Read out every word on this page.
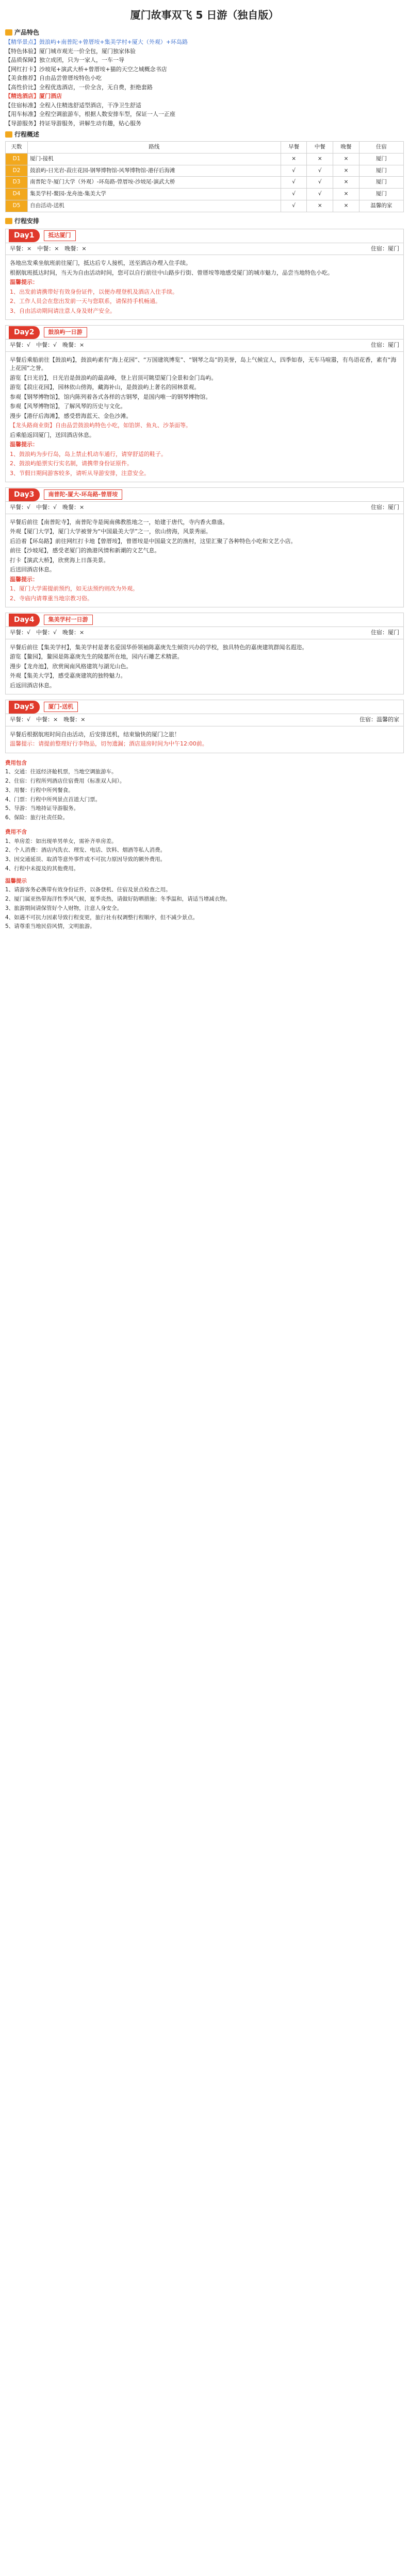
厦门故事双飞 5 日游（独自版）
产品特色

【精华景点】鼓浪屿+南普陀+曾厝垵+集美学村+厦大（外观）+环岛路

【特色体验】厦门城市观光一价全包，厦门独家体验

【品质保障】独立成团，只为一家人，一车一导

【网红打卡】沙坡尾+演武大桥+曾厝垵+猫的天空之城概念书店

【美食推荐】自由品尝曾厝垵特色小吃

【高性价比】全程优选酒店，一价全含，无自费，拒绝套路

【精选酒店】厦门酒店

【住宿标准】全程入住精选舒适型酒店，干净卫生舒适

【用车标准】全程空调旅游车，根据人数安排车型，保证一人一正座

【导游服务】持证导游服务，讲解生动有趣，贴心服务

行程概述
天数	路线	早餐	中餐	晚餐	住宿
D1	厦门-接机	×	×	×	厦门
D2	鼓浪屿-日光岩-菽庄花园-钢琴博物馆-风琴博物馆-港仔后海滩	√	√	×	厦门
D3	南普陀寺-厦门大学（外观）-环岛路-曾厝垵-沙坡尾-演武大桥	√	√	×	厦门
D4	集美学村-鳌园-龙舟池-集美大学	√	√	×	厦门
D5	自由活动-送机	√	×	×	温馨的家
行程安排
Day1	抵达厦门
早餐：×　中餐：×　晚餐：×	住宿：厦门

各地出发乘坐航班前往厦门，抵达后专人接机，送至酒店办理入住手续。

根据航班抵达时间，当天为自由活动时间，您可以自行前往中山路步行街、曾厝垵等地感受厦门的城市魅力，品尝当地特色小吃。

温馨提示：

1、出发前请携带好有效身份证件，以便办理登机及酒店入住手续。

2、工作人员会在您出发前一天与您联系，请保持手机畅通。

3、自由活动期间请注意人身及财产安全。

Day2	鼓浪屿一日游
早餐：√　中餐：√　晚餐：×	住宿：厦门

早餐后乘船前往【鼓浪屿】，鼓浪屿素有“海上花园”、“万国建筑博览”、“钢琴之岛”的美誉，岛上气候宜人，四季如春，无车马喧嚣，有鸟语花香，素有“海上花园”之誉。

游览【日光岩】，日光岩是鼓浪屿的最高峰，登上岩顶可眺望厦门全景和金门岛屿。

游览【菽庄花园】，园林依山傍海，藏海补山，是鼓浪屿上著名的园林景观。

参观【钢琴博物馆】，馆内陈列着各式各样的古钢琴，是国内唯一的钢琴博物馆。

参观【风琴博物馆】，了解风琴的历史与文化。

漫步【港仔后海滩】，感受碧海蓝天、金色沙滩。

【龙头路商业街】自由品尝鼓浪屿特色小吃，如馅饼、鱼丸、沙茶面等。

后乘船返回厦门，送回酒店休息。

温馨提示：

1、鼓浪屿为步行岛，岛上禁止机动车通行，请穿舒适的鞋子。

2、鼓浪屿船票实行实名制，请携带身份证原件。

3、节假日期间游客较多，请听从导游安排，注意安全。

Day3	南普陀-厦大-环岛路-曾厝垵
早餐：√　中餐：√　晚餐：×	住宿：厦门

早餐后前往【南普陀寺】，南普陀寺是闽南佛教胜地之一，始建于唐代，寺内香火鼎盛。

外观【厦门大学】，厦门大学被誉为“中国最美大学”之一，依山傍海，风景秀丽。

后沿着【环岛路】前往网红打卡地【曾厝垵】，曾厝垵是中国最文艺的渔村，这里汇聚了各种特色小吃和文艺小店。

前往【沙坡尾】，感受老厦门的渔港风情和新潮的文艺气息。

打卡【演武大桥】，欣赏海上日落美景。

后送回酒店休息。

温馨提示：

1、厦门大学需提前预约，如无法预约则改为外观。

2、寺庙内请尊重当地宗教习俗。

Day4	集美学村一日游
早餐：√　中餐：√　晚餐：×	住宿：厦门

早餐后前往【集美学村】，集美学村是著名爱国华侨领袖陈嘉庚先生倾资兴办的学校，独具特色的嘉庚建筑群闻名遐迩。

游览【鳌园】，鳌园是陈嘉庚先生的陵墓所在地，园内石雕艺术精湛。

漫步【龙舟池】，欣赏闽南风格建筑与湖光山色。

外观【集美大学】，感受嘉庚建筑的独特魅力。

后返回酒店休息。

Day5	厦门-送机
早餐：√　中餐：×　晚餐：×	住宿：温馨的家

早餐后根据航班时间自由活动，后安排送机，结束愉快的厦门之旅！

温馨提示：请提前整理好行李物品，切勿遗漏；酒店退房时间为中午12:00前。

费用包含

1、交通：往返经济舱机票，当地空调旅游车。

2、住宿：行程所列酒店住宿费用（标准双人间）。

3、用餐：行程中所列餐食。

4、门票：行程中所列景点首道大门票。

5、导游：当地持证导游服务。

6、保险：旅行社责任险。

费用不含

1、单房差：如出现单男单女，需补齐单房差。

2、个人消费：酒店内洗衣、理发、电话、饮料、烟酒等私人消费。

3、因交通延误、取消等意外事件或不可抗力原因导致的额外费用。

4、行程中未提及的其他费用。

温馨提示

1、请游客务必携带有效身份证件，以备登机、住宿及景点检查之用。

2、厦门属亚热带海洋性季风气候，夏季炎热，请做好防晒措施；冬季温和，请适当增减衣物。

3、旅游期间请保管好个人财物，注意人身安全。

4、如遇不可抗力因素导致行程变更，旅行社有权调整行程顺序，但不减少景点。

5、请尊重当地民俗风情，文明旅游。
